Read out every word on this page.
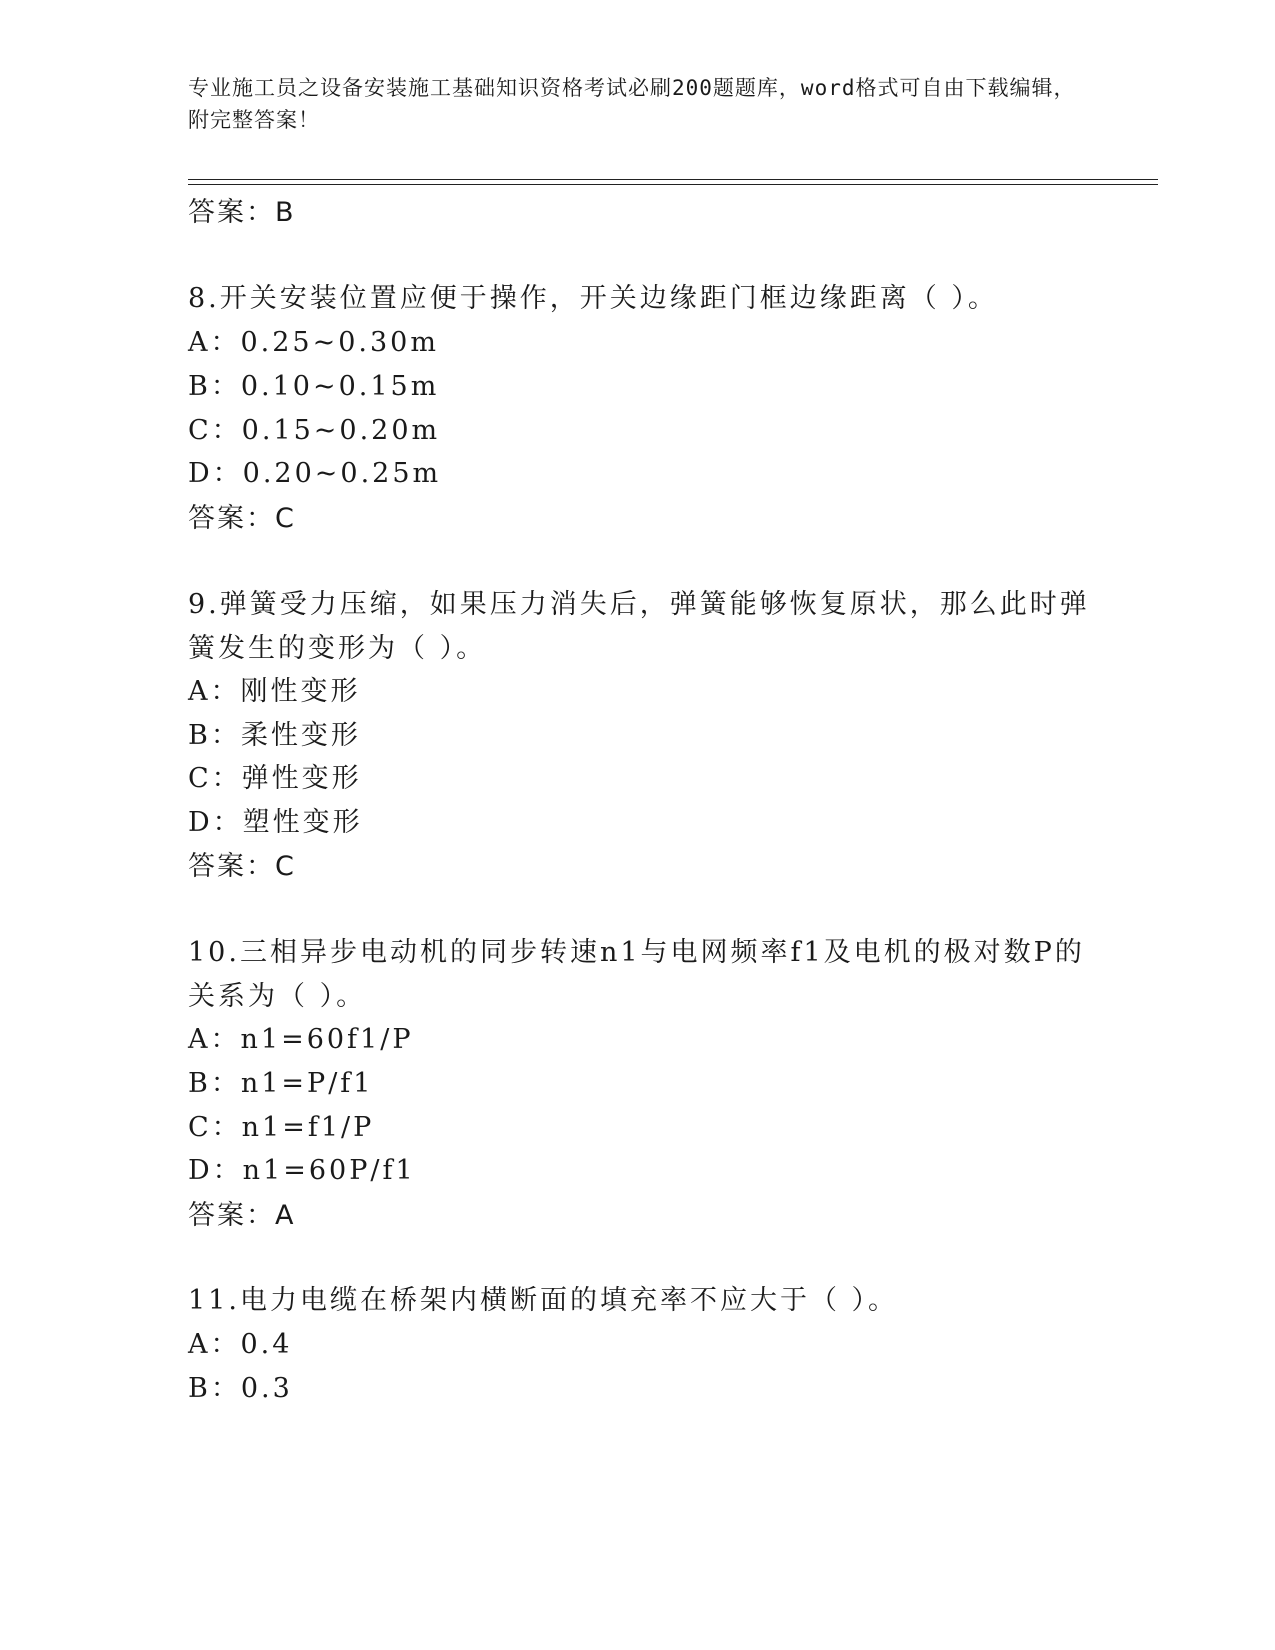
专业施工员之设备安装施工基础知识资格考试必刷200题题库，word格式可自由下载编辑，附完整答案！
答案：B
8.开关安装位置应便于操作，开关边缘距门框边缘距离（ ）。
A：0.25~0.30m
B：0.10~0.15m
C：0.15~0.20m
D：0.20~0.25m
答案：C
9.弹簧受力压缩，如果压力消失后，弹簧能够恢复原状，那么此时弹
簧发生的变形为（ ）。
A：刚性变形
B：柔性变形
C：弹性变形
D：塑性变形
答案：C
10.三相异步电动机的同步转速n1与电网频率f1及电机的极对数P的
关系为（ ）。
A：n1=60f1/P
B：n1=P/f1
C：n1=f1/P
D：n1=60P/f1
答案：A
11.电力电缆在桥架内横断面的填充率不应大于（ ）。
A：0.4
B：0.3
